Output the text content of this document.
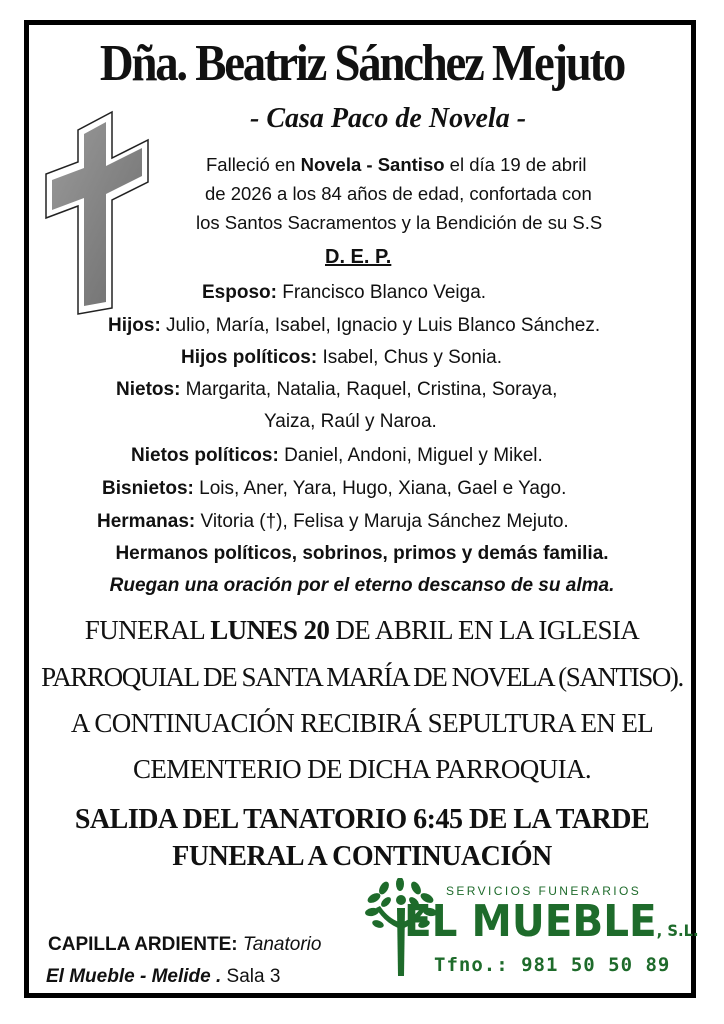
Dña. Beatriz Sánchez Mejuto
- Casa Paco de Novela -
Falleció en Novela - Santiso el día 19 de abril
de 2026 a los 84 años de edad, confortada con
los Santos Sacramentos y la Bendición de su S.S
D. E. P.
Esposo: Francisco Blanco Veiga.
Hijos: Julio, María, Isabel, Ignacio y Luis Blanco Sánchez.
Hijos políticos: Isabel, Chus y Sonia.
Nietos: Margarita, Natalia, Raquel, Cristina, Soraya,
Yaiza, Raúl y Naroa.
Nietos políticos: Daniel, Andoni, Miguel y Mikel.
Bisnietos: Lois, Aner, Yara, Hugo, Xiana, Gael e Yago.
Hermanas: Vitoria (†), Felisa y Maruja Sánchez Mejuto.
Hermanos políticos, sobrinos, primos y demás familia.
Ruegan una oración por el eterno descanso de su alma.
FUNERAL LUNES 20 DE ABRIL EN LA IGLESIA
PARROQUIAL DE SANTA MARÍA DE NOVELA (SANTISO).
A CONTINUACIÓN RECIBIRÁ SEPULTURA EN EL
CEMENTERIO DE DICHA PARROQUIA.
SALIDA DEL TANATORIO 6:45 DE LA TARDE
FUNERAL A CONTINUACIÓN
CAPILLA ARDIENTE: Tanatorio
El Mueble - Melide . Sala 3
SERVICIOS FUNERARIOS
EL MUEBLE, S.L.
Tfno.: 981 50 50 89
